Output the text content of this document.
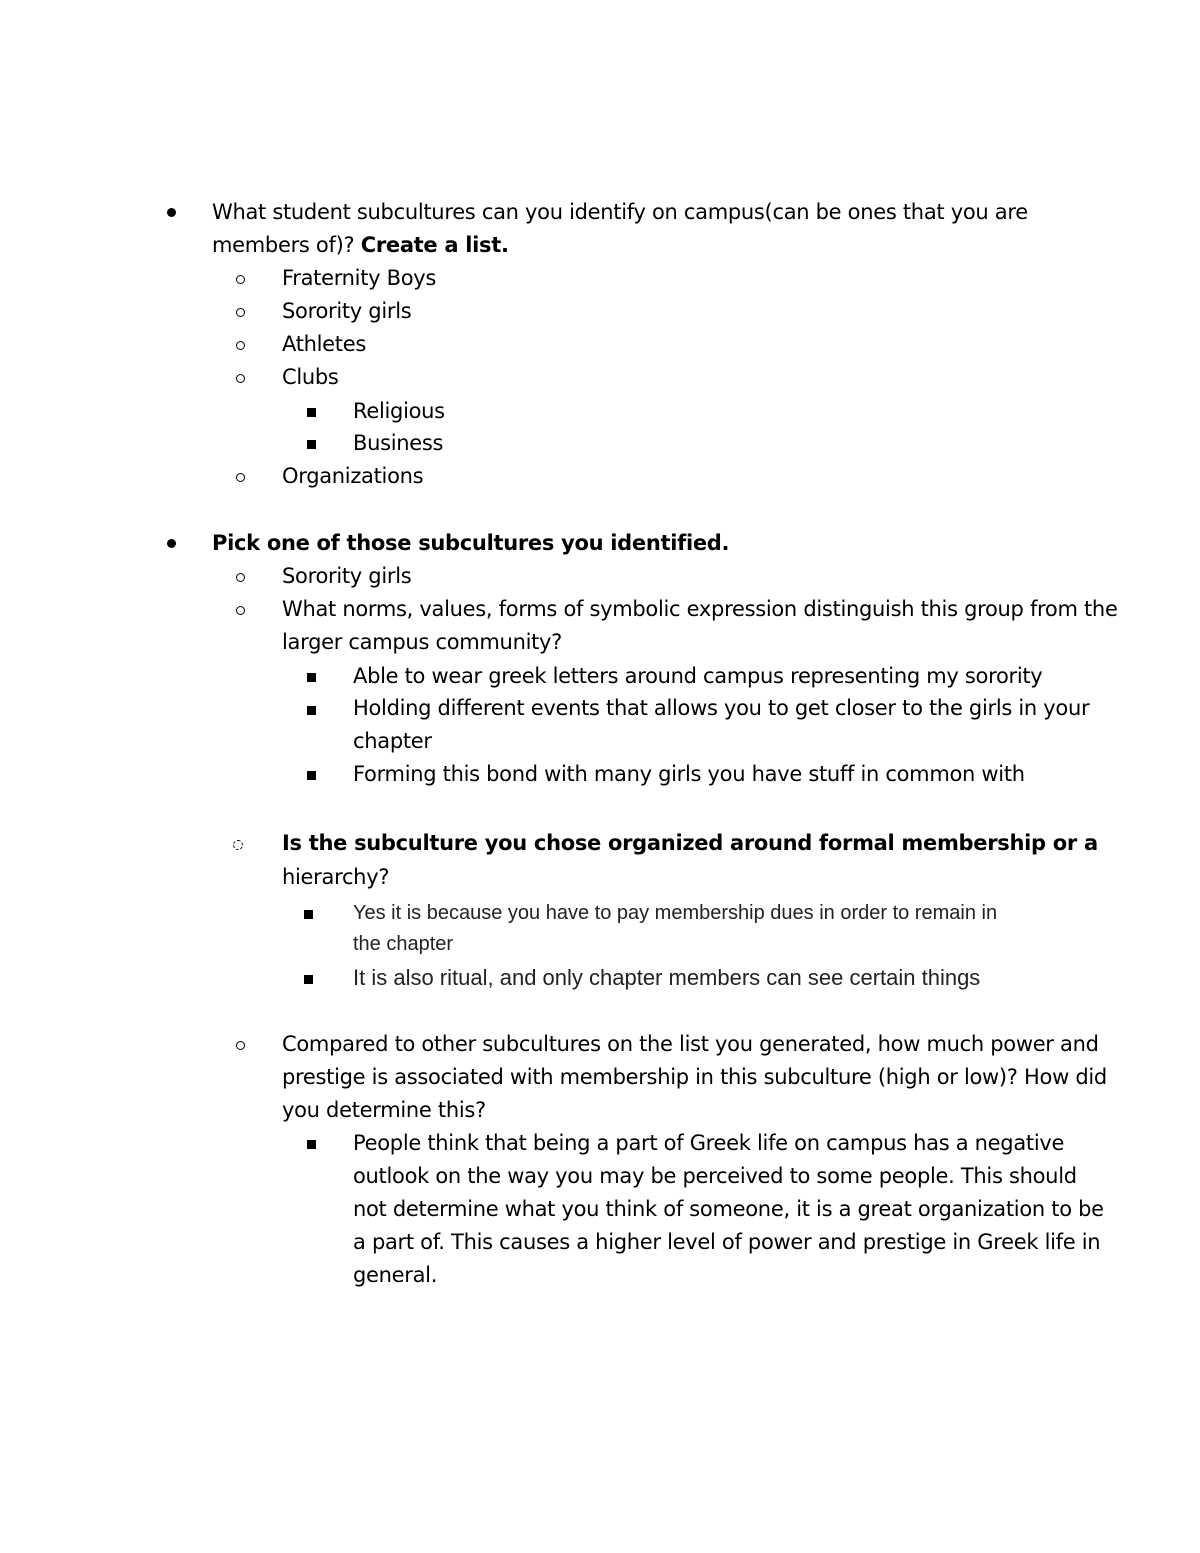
What student subcultures can you identify on campus(can be ones that you are
members of)? Create a list.
Fraternity Boys
Sorority girls
Athletes
Clubs
Religious
Business
Organizations
Pick one of those subcultures you identified.
Sorority girls
What norms, values, forms of symbolic expression distinguish this group from the
larger campus community?
Able to wear greek letters around campus representing my sorority
Holding different events that allows you to get closer to the girls in your
chapter
Forming this bond with many girls you have stuff in common with
Is the subculture you chose organized around formal membership or a
hierarchy?
Yes it is because you have to pay membership dues in order to remain in
the chapter
It is also ritual, and only chapter members can see certain things
Compared to other subcultures on the list you generated, how much power and
prestige is associated with membership in this subculture (high or low)? How did
you determine this?
People think that being a part of Greek life on campus has a negative
outlook on the way you may be perceived to some people. This should
not determine what you think of someone, it is a great organization to be
a part of. This causes a higher level of power and prestige in Greek life in
general.
